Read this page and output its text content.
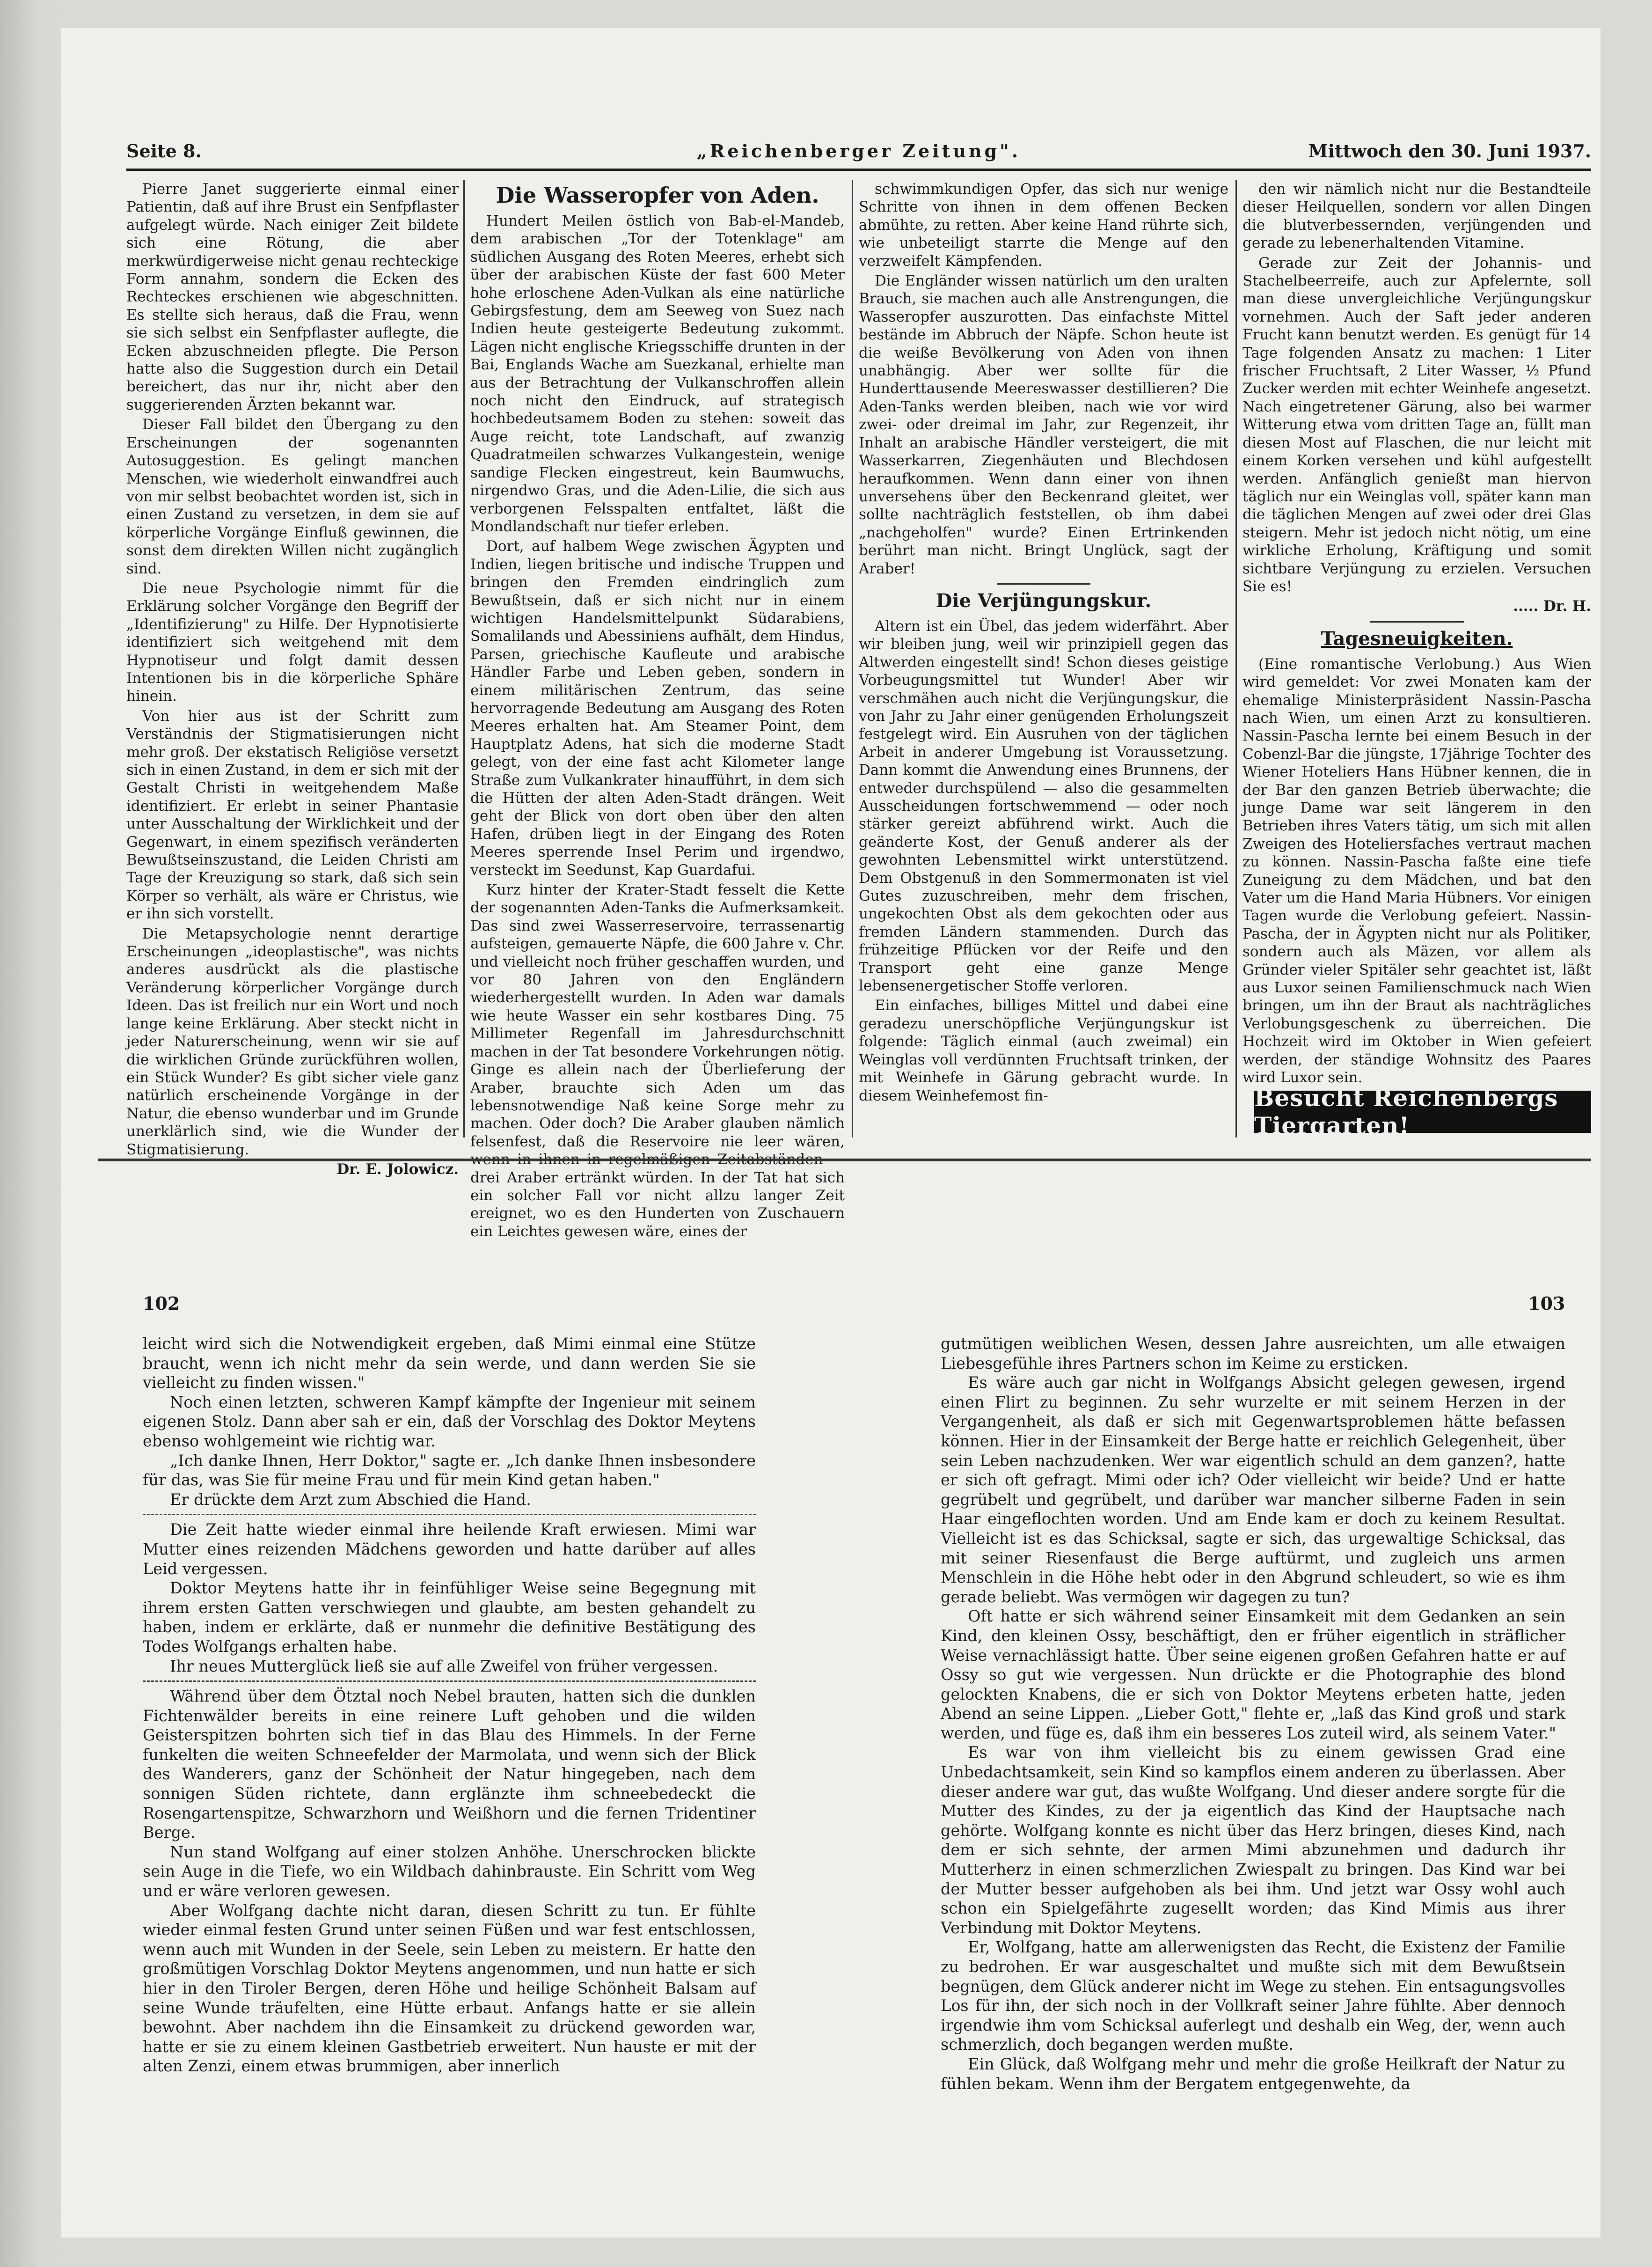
Seite 8.	„Reichenberger Zeitung".	Mittwoch den 30. Juni 1937.

Pierre Janet suggerierte einmal einer Patientin, daß auf ihre Brust ein Senfpflaster aufgelegt würde. Nach einiger Zeit bildete sich eine Rötung, die aber merkwürdigerweise nicht genau rechteckige Form annahm, sondern die Ecken des Rechteckes erschienen wie abgeschnitten. Es stellte sich heraus, daß die Frau, wenn sie sich selbst ein Senfpflaster auflegte, die Ecken abzuschneiden pflegte. Die Person hatte also die Suggestion durch ein Detail bereichert, das nur ihr, nicht aber den suggerierenden Ärzten bekannt war.

Dieser Fall bildet den Übergang zu den Erscheinungen der sogenannten Autosuggestion. Es gelingt manchen Menschen, wie wiederholt einwandfrei auch von mir selbst beobachtet worden ist, sich in einen Zustand zu versetzen, in dem sie auf körperliche Vorgänge Einfluß gewinnen, die sonst dem direkten Willen nicht zugänglich sind.

Die neue Psychologie nimmt für die Erklärung solcher Vorgänge den Begriff der „Identifizierung" zu Hilfe. Der Hypnotisierte identifiziert sich weitgehend mit dem Hypnotiseur und folgt damit dessen Intentionen bis in die körperliche Sphäre hinein.

Von hier aus ist der Schritt zum Verständnis der Stigmatisierungen nicht mehr groß. Der ekstatisch Religiöse versetzt sich in einen Zustand, in dem er sich mit der Gestalt Christi in weitgehendem Maße identifiziert. Er erlebt in seiner Phantasie unter Ausschaltung der Wirklichkeit und der Gegenwart, in einem spezifisch veränderten Bewußtseinszustand, die Leiden Christi am Tage der Kreuzigung so stark, daß sich sein Körper so verhält, als wäre er Christus, wie er ihn sich vorstellt.

Die Metapsychologie nennt derartige Erscheinungen „ideoplastische", was nichts anderes ausdrückt als die plastische Veränderung körperlicher Vorgänge durch Ideen. Das ist freilich nur ein Wort und noch lange keine Erklärung. Aber steckt nicht in jeder Naturerscheinung, wenn wir sie auf die wirklichen Gründe zurückführen wollen, ein Stück Wunder? Es gibt sicher viele ganz natürlich erscheinende Vorgänge in der Natur, die ebenso wunderbar und im Grunde unerklärlich sind, wie die Wunder der Stigmatisierung.

Dr. E. Jolowicz.
Die Wasseropfer von Aden.

Hundert Meilen östlich von Bab-el-Mandeb, dem arabischen „Tor der Totenklage" am südlichen Ausgang des Roten Meeres, erhebt sich über der arabischen Küste der fast 600 Meter hohe erloschene Aden-Vulkan als eine natürliche Gebirgsfestung, dem am Seeweg von Suez nach Indien heute gesteigerte Bedeutung zukommt. Lägen nicht englische Kriegsschiffe drunten in der Bai, Englands Wache am Suezkanal, erhielte man aus der Betrachtung der Vulkanschroffen allein noch nicht den Eindruck, auf strategisch hochbedeutsamem Boden zu stehen: soweit das Auge reicht, tote Landschaft, auf zwanzig Quadratmeilen schwarzes Vulkangestein, wenige sandige Flecken eingestreut, kein Baumwuchs, nirgendwo Gras, und die Aden-Lilie, die sich aus verborgenen Felsspalten entfaltet, läßt die Mondlandschaft nur tiefer erleben.

Dort, auf halbem Wege zwischen Ägypten und Indien, liegen britische und indische Truppen und bringen den Fremden eindringlich zum Bewußtsein, daß er sich nicht nur in einem wichtigen Handelsmittelpunkt Südarabiens, Somalilands und Abessiniens aufhält, dem Hindus, Parsen, griechische Kaufleute und arabische Händler Farbe und Leben geben, sondern in einem militärischen Zentrum, das seine hervorragende Bedeutung am Ausgang des Roten Meeres erhalten hat. Am Steamer Point, dem Hauptplatz Adens, hat sich die moderne Stadt gelegt, von der eine fast acht Kilometer lange Straße zum Vulkankrater hinaufführt, in dem sich die Hütten der alten Aden-Stadt drängen. Weit geht der Blick von dort oben über den alten Hafen, drüben liegt in der Eingang des Roten Meeres sperrende Insel Perim und irgendwo, versteckt im Seedunst, Kap Guardafui.

Kurz hinter der Krater-Stadt fesselt die Kette der sogenannten Aden-Tanks die Aufmerksamkeit. Das sind zwei Wasserreservoire, terrassenartig aufsteigen, gemauerte Näpfe, die 600 Jahre v. Chr. und vielleicht noch früher geschaffen wurden, und vor 80 Jahren von den Engländern wiederhergestellt wurden. In Aden war damals wie heute Wasser ein sehr kostbares Ding. 75 Millimeter Regenfall im Jahresdurchschnitt machen in der Tat besondere Vorkehrungen nötig. Ginge es allein nach der Überlieferung der Araber, brauchte sich Aden um das lebensnotwendige Naß keine Sorge mehr zu machen. Oder doch? Die Araber glauben nämlich felsenfest, daß die Reservoire nie leer wären, wenn in ihnen in regelmäßigen Zeitabständen — drei Araber ertränkt würden. In der Tat hat sich ein solcher Fall vor nicht allzu langer Zeit ereignet, wo es den Hunderten von Zuschauern ein Leichtes gewesen wäre, eines der

schwimmkundigen Opfer, das sich nur wenige Schritte von ihnen in dem offenen Becken abmühte, zu retten. Aber keine Hand rührte sich, wie unbeteiligt starrte die Menge auf den verzweifelt Kämpfenden.

Die Engländer wissen natürlich um den uralten Brauch, sie machen auch alle Anstrengungen, die Wasseropfer auszurotten. Das einfachste Mittel bestände im Abbruch der Näpfe. Schon heute ist die weiße Bevölkerung von Aden von ihnen unabhängig. Aber wer sollte für die Hunderttausende Meereswasser destillieren? Die Aden-Tanks werden bleiben, nach wie vor wird zwei- oder dreimal im Jahr, zur Regenzeit, ihr Inhalt an arabische Händler versteigert, die mit Wasserkarren, Ziegenhäuten und Blechdosen heraufkommen. Wenn dann einer von ihnen unversehens über den Beckenrand gleitet, wer sollte nachträglich feststellen, ob ihm dabei „nachgeholfen" wurde? Einen Ertrinkenden berührt man nicht. Bringt Unglück, sagt der Araber!

Die Verjüngungskur.

Altern ist ein Übel, das jedem widerfährt. Aber wir bleiben jung, weil wir prinzipiell gegen das Altwerden eingestellt sind! Schon dieses geistige Vorbeugungsmittel tut Wunder! Aber wir verschmähen auch nicht die Verjüngungskur, die von Jahr zu Jahr einer genügenden Erholungszeit festgelegt wird. Ein Ausruhen von der täglichen Arbeit in anderer Umgebung ist Voraussetzung. Dann kommt die Anwendung eines Brunnens, der entweder durchspülend — also die gesammelten Ausscheidungen fortschwemmend — oder noch stärker gereizt abführend wirkt. Auch die geänderte Kost, der Genuß anderer als der gewohnten Lebensmittel wirkt unterstützend. Dem Obstgenuß in den Sommermonaten ist viel Gutes zuzuschreiben, mehr dem frischen, ungekochten Obst als dem gekochten oder aus fremden Ländern stammenden. Durch das frühzeitige Pflücken vor der Reife und den Transport geht eine ganze Menge lebensenergetischer Stoffe verloren.

Ein einfaches, billiges Mittel und dabei eine geradezu unerschöpfliche Verjüngungskur ist folgende: Täglich einmal (auch zweimal) ein Weinglas voll verdünnten Fruchtsaft trinken, der mit Weinhefe in Gärung gebracht wurde. In diesem Weinhefemost fin-

den wir nämlich nicht nur die Bestandteile dieser Heilquellen, sondern vor allen Dingen die blutverbessernden, verjüngenden und gerade zu lebenerhaltenden Vitamine.

Gerade zur Zeit der Johannis- und Stachelbeerreife, auch zur Apfelernte, soll man diese unvergleichliche Verjüngungskur vornehmen. Auch der Saft jeder anderen Frucht kann benutzt werden. Es genügt für 14 Tage folgenden Ansatz zu machen: 1 Liter frischer Fruchtsaft, 2 Liter Wasser, ½ Pfund Zucker werden mit echter Weinhefe angesetzt. Nach eingetretener Gärung, also bei warmer Witterung etwa vom dritten Tage an, füllt man diesen Most auf Flaschen, die nur leicht mit einem Korken versehen und kühl aufgestellt werden. Anfänglich genießt man hiervon täglich nur ein Weinglas voll, später kann man die täglichen Mengen auf zwei oder drei Glas steigern. Mehr ist jedoch nicht nötig, um eine wirkliche Erholung, Kräftigung und somit sichtbare Verjüngung zu erzielen. Versuchen Sie es!

..... Dr. H.
Tagesneuigkeiten.

(Eine romantische Verlobung.) Aus Wien wird gemeldet: Vor zwei Monaten kam der ehemalige Ministerpräsident Nassin-Pascha nach Wien, um einen Arzt zu konsultieren. Nassin-Pascha lernte bei einem Besuch in der Cobenzl-Bar die jüngste, 17jährige Tochter des Wiener Hoteliers Hans Hübner kennen, die in der Bar den ganzen Betrieb überwachte; die junge Dame war seit längerem in den Betrieben ihres Vaters tätig, um sich mit allen Zweigen des Hoteliersfaches vertraut machen zu können. Nassin-Pascha faßte eine tiefe Zuneigung zu dem Mädchen, und bat den Vater um die Hand Maria Hübners. Vor einigen Tagen wurde die Verlobung gefeiert. Nassin-Pascha, der in Ägypten nicht nur als Politiker, sondern auch als Mäzen, vor allem als Gründer vieler Spitäler sehr geachtet ist, läßt aus Luxor seinen Familienschmuck nach Wien bringen, um ihn der Braut als nachträgliches Verlobungsgeschenk zu überreichen. Die Hochzeit wird im Oktober in Wien gefeiert werden, der ständige Wohnsitz des Paares wird Luxor sein.

Besucht Reichenbergs Tiergarten!
102	103

leicht wird sich die Notwendigkeit ergeben, daß Mimi einmal eine Stütze braucht, wenn ich nicht mehr da sein werde, und dann werden Sie sie vielleicht zu finden wissen."

Noch einen letzten, schweren Kampf kämpfte der Ingenieur mit seinem eigenen Stolz. Dann aber sah er ein, daß der Vorschlag des Doktor Meytens ebenso wohlgemeint wie richtig war.

„Ich danke Ihnen, Herr Doktor," sagte er. „Ich danke Ihnen insbesondere für das, was Sie für meine Frau und für mein Kind getan haben."

Er drückte dem Arzt zum Abschied die Hand.

Die Zeit hatte wieder einmal ihre heilende Kraft erwiesen. Mimi war Mutter eines reizenden Mädchens geworden und hatte darüber auf alles Leid vergessen.

Doktor Meytens hatte ihr in feinfühliger Weise seine Begegnung mit ihrem ersten Gatten verschwiegen und glaubte, am besten gehandelt zu haben, indem er erklärte, daß er nunmehr die definitive Bestätigung des Todes Wolfgangs erhalten habe.

Ihr neues Mutterglück ließ sie auf alle Zweifel von früher vergessen.

Während über dem Ötztal noch Nebel brauten, hatten sich die dunklen Fichtenwälder bereits in eine reinere Luft gehoben und die wilden Geisterspitzen bohrten sich tief in das Blau des Himmels. In der Ferne funkelten die weiten Schneefelder der Marmolata, und wenn sich der Blick des Wanderers, ganz der Schönheit der Natur hingegeben, nach dem sonnigen Süden richtete, dann erglänzte ihm schneebedeckt die Rosengartenspitze, Schwarzhorn und Weißhorn und die fernen Tridentiner Berge.

Nun stand Wolfgang auf einer stolzen Anhöhe. Unerschrocken blickte sein Auge in die Tiefe, wo ein Wildbach dahinbrauste. Ein Schritt vom Weg und er wäre verloren gewesen.

Aber Wolfgang dachte nicht daran, diesen Schritt zu tun. Er fühlte wieder einmal festen Grund unter seinen Füßen und war fest entschlossen, wenn auch mit Wunden in der Seele, sein Leben zu meistern. Er hatte den großmütigen Vorschlag Doktor Meytens angenommen, und nun hatte er sich hier in den Tiroler Bergen, deren Höhe und heilige Schönheit Balsam auf seine Wunde träufelten, eine Hütte erbaut. Anfangs hatte er sie allein bewohnt. Aber nachdem ihn die Einsamkeit zu drückend geworden war, hatte er sie zu einem kleinen Gastbetrieb erweitert. Nun hauste er mit der alten Zenzi, einem etwas brummigen, aber innerlich

gutmütigen weiblichen Wesen, dessen Jahre ausreichten, um alle etwaigen Liebesgefühle ihres Partners schon im Keime zu ersticken.

Es wäre auch gar nicht in Wolfgangs Absicht gelegen gewesen, irgend einen Flirt zu beginnen. Zu sehr wurzelte er mit seinem Herzen in der Vergangenheit, als daß er sich mit Gegenwartsproblemen hätte befassen können. Hier in der Einsamkeit der Berge hatte er reichlich Gelegenheit, über sein Leben nachzudenken. Wer war eigentlich schuld an dem ganzen?, hatte er sich oft gefragt. Mimi oder ich? Oder vielleicht wir beide? Und er hatte gegrübelt und gegrübelt, und darüber war mancher silberne Faden in sein Haar eingeflochten worden. Und am Ende kam er doch zu keinem Resultat. Vielleicht ist es das Schicksal, sagte er sich, das urgewaltige Schicksal, das mit seiner Riesenfaust die Berge auftürmt, und zugleich uns armen Menschlein in die Höhe hebt oder in den Abgrund schleudert, so wie es ihm gerade beliebt. Was vermögen wir dagegen zu tun?

Oft hatte er sich während seiner Einsamkeit mit dem Gedanken an sein Kind, den kleinen Ossy, beschäftigt, den er früher eigentlich in sträflicher Weise vernachlässigt hatte. Über seine eigenen großen Gefahren hatte er auf Ossy so gut wie vergessen. Nun drückte er die Photographie des blond gelockten Knabens, die er sich von Doktor Meytens erbeten hatte, jeden Abend an seine Lippen. „Lieber Gott," flehte er, „laß das Kind groß und stark werden, und füge es, daß ihm ein besseres Los zuteil wird, als seinem Vater."

Es war von ihm vielleicht bis zu einem gewissen Grad eine Unbedachtsamkeit, sein Kind so kampflos einem anderen zu überlassen. Aber dieser andere war gut, das wußte Wolfgang. Und dieser andere sorgte für die Mutter des Kindes, zu der ja eigentlich das Kind der Hauptsache nach gehörte. Wolfgang konnte es nicht über das Herz bringen, dieses Kind, nach dem er sich sehnte, der armen Mimi abzunehmen und dadurch ihr Mutterherz in einen schmerzlichen Zwiespalt zu bringen. Das Kind war bei der Mutter besser aufgehoben als bei ihm. Und jetzt war Ossy wohl auch schon ein Spielgefährte zugesellt worden; das Kind Mimis aus ihrer Verbindung mit Doktor Meytens.

Er, Wolfgang, hatte am allerwenigsten das Recht, die Existenz der Familie zu bedrohen. Er war ausgeschaltet und mußte sich mit dem Bewußtsein begnügen, dem Glück anderer nicht im Wege zu stehen. Ein entsagungsvolles Los für ihn, der sich noch in der Vollkraft seiner Jahre fühlte. Aber dennoch irgendwie ihm vom Schicksal auferlegt und deshalb ein Weg, der, wenn auch schmerzlich, doch begangen werden mußte.

Ein Glück, daß Wolfgang mehr und mehr die große Heilkraft der Natur zu fühlen bekam. Wenn ihm der Bergatem entgegenwehte, da
